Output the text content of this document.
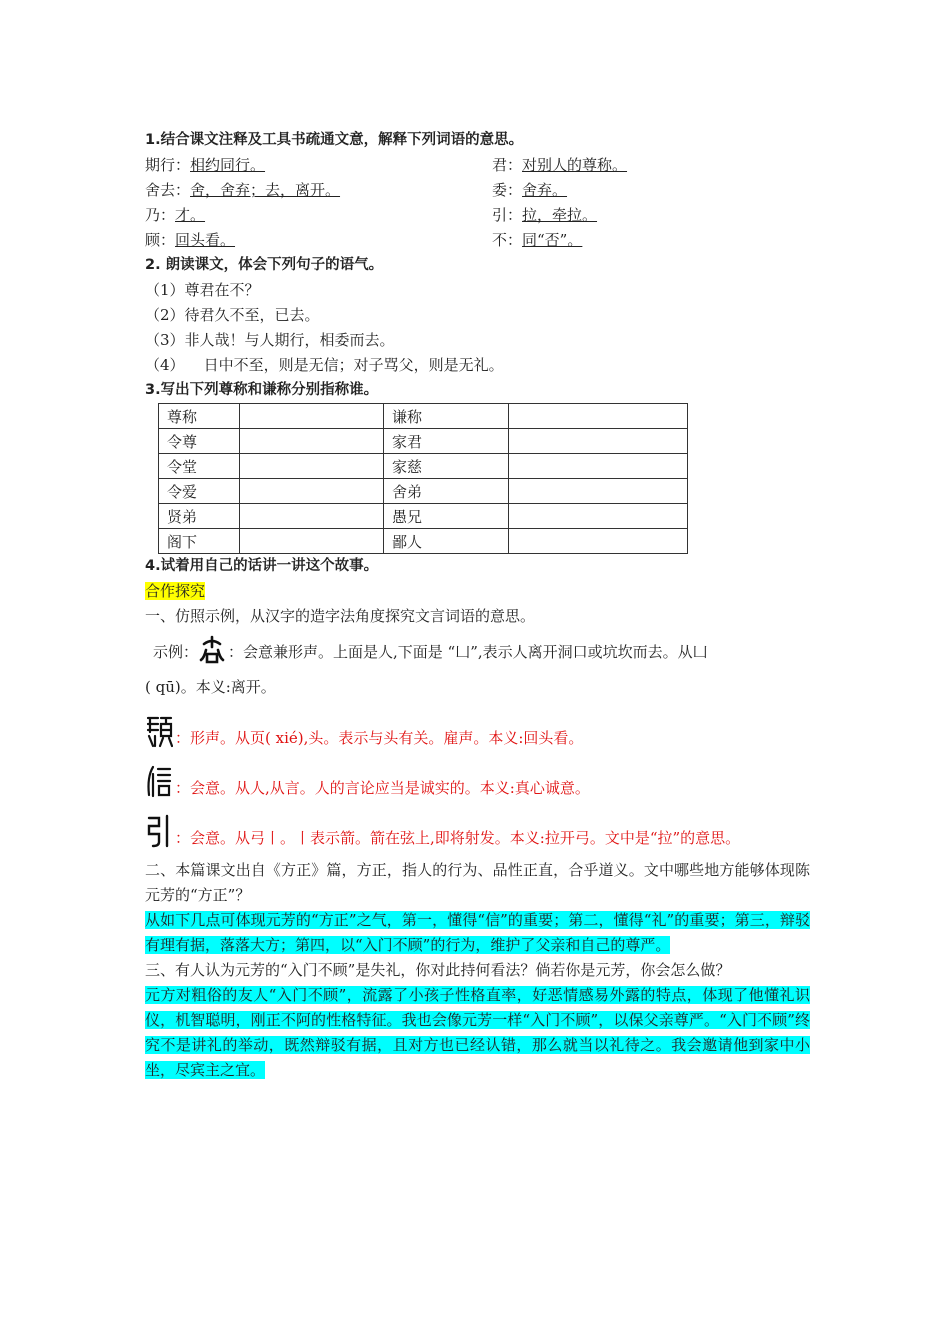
1.结合课文注释及工具书疏通文意，解释下列词语的意思。
期行：相约同行。	君：对别人的尊称。
舍去：舍，舍弃；去，离开。	委：舍弃。
乃：才。	引：拉，牵拉。
顾：回头看。	不：同“否”。
2. 朗读课文，体会下列句子的语气。
（1）尊君在不？
（2）待君久不至，已去。
（3）非人哉！与人期行，相委而去。
（4）    日中不至，则是无信；对子骂父，则是无礼。
3.写出下列尊称和谦称分别指称谁。
尊称		谦称	
令尊		家君	
令堂		家慈	
令爱		舍弟	
贤弟		愚兄	
阁下		鄙人	
4.试着用自己的话讲一讲这个故事。
合作探究
一、仿照示例，从汉字的造字法角度探究文言词语的意思。
示例： ：会意兼形声。上面是人,下面是 “凵”,表示人离开洞口或坑坎而去。从凵
( qū)。本义:离开。
：形声。从页( xié),头。表示与头有关。雇声。本义:回头看。
：会意。从人,从言。人的言论应当是诚实的。本义:真心诚意。
：会意。从弓丨。丨表示箭。箭在弦上,即将射发。本义:拉开弓。文中是“拉”的意思。
二、本篇课文出自《方正》篇，方正，指人的行为、品性正直，合乎道义。文中哪些地方能够体现陈元芳的“方正”？
从如下几点可体现元芳的“方正”之气，第一，懂得“信”的重要；第二，懂得“礼”的重要；第三，辩驳有理有据，落落大方；第四，以“入门不顾”的行为，维护了父亲和自己的尊严。
三、有人认为元芳的“入门不顾”是失礼，你对此持何看法？倘若你是元芳，你会怎么做？
元方对粗俗的友人“入门不顾”，流露了小孩子性格直率，好恶情感易外露的特点，体现了他懂礼识仪，机智聪明，刚正不阿的性格特征。我也会像元芳一样“入门不顾”，以保父亲尊严。“入门不顾”终究不是讲礼的举动，既然辩驳有据，且对方也已经认错，那么就当以礼待之。我会邀请他到家中小坐，尽宾主之宜。
